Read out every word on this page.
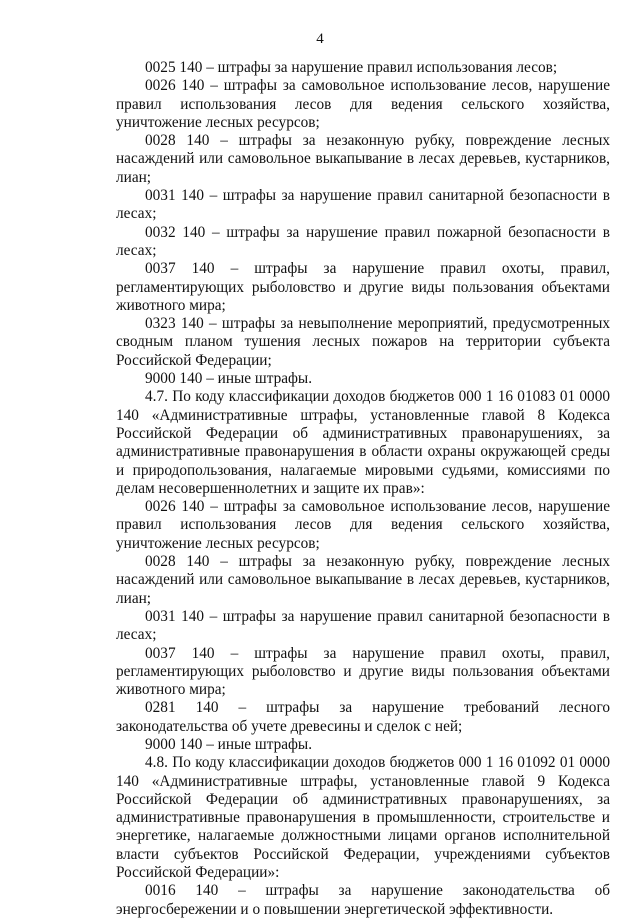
4

0025 140 – штрафы за нарушение правил использования лесов;

0026 140 – штрафы за самовольное использование лесов, нарушение правил использования лесов для ведения сельского хозяйства, уничтожение лесных ресурсов;

0028 140 – штрафы за незаконную рубку, повреждение лесных насаждений или самовольное выкапывание в лесах деревьев, кустарников, лиан;

0031 140 – штрафы за нарушение правил санитарной безопасности в лесах;

0032 140 – штрафы за нарушение правил пожарной безопасности в лесах;

0037 140 – штрафы за нарушение правил охоты, правил, регламентирующих рыболовство и другие виды пользования объектами животного мира;

0323 140 – штрафы за невыполнение мероприятий, предусмотренных сводным планом тушения лесных пожаров на территории субъекта Российской Федерации;

9000 140 – иные штрафы.

4.7. По коду классификации доходов бюджетов 000 1 16 01083 01 0000 140 «Административные штрафы, установленные главой 8 Кодекса Российской Федерации об административных правонарушениях, за административные правонарушения в области охраны окружающей среды и природопользования, налагаемые мировыми судьями, комиссиями по делам несовершеннолетних и защите их прав»:

0026 140 – штрафы за самовольное использование лесов, нарушение правил использования лесов для ведения сельского хозяйства, уничтожение лесных ресурсов;

0028 140 – штрафы за незаконную рубку, повреждение лесных насаждений или самовольное выкапывание в лесах деревьев, кустарников, лиан;

0031 140 – штрафы за нарушение правил санитарной безопасности в лесах;

0037 140 – штрафы за нарушение правил охоты, правил, регламентирующих рыболовство и другие виды пользования объектами животного мира;

0281 140 – штрафы за нарушение требований лесного законодательства об учете древесины и сделок с ней;

9000 140 – иные штрафы.

4.8. По коду классификации доходов бюджетов 000 1 16 01092 01 0000 140 «Административные штрафы, установленные главой 9 Кодекса Российской Федерации об административных правонарушениях, за административные правонарушения в промышленности, строительстве и энергетике, налагаемые должностными лицами органов исполнительной власти субъектов Российской Федерации, учреждениями субъектов Российской Федерации»:

0016 140 – штрафы за нарушение законодательства об энергосбережении и о повышении энергетической эффективности.
